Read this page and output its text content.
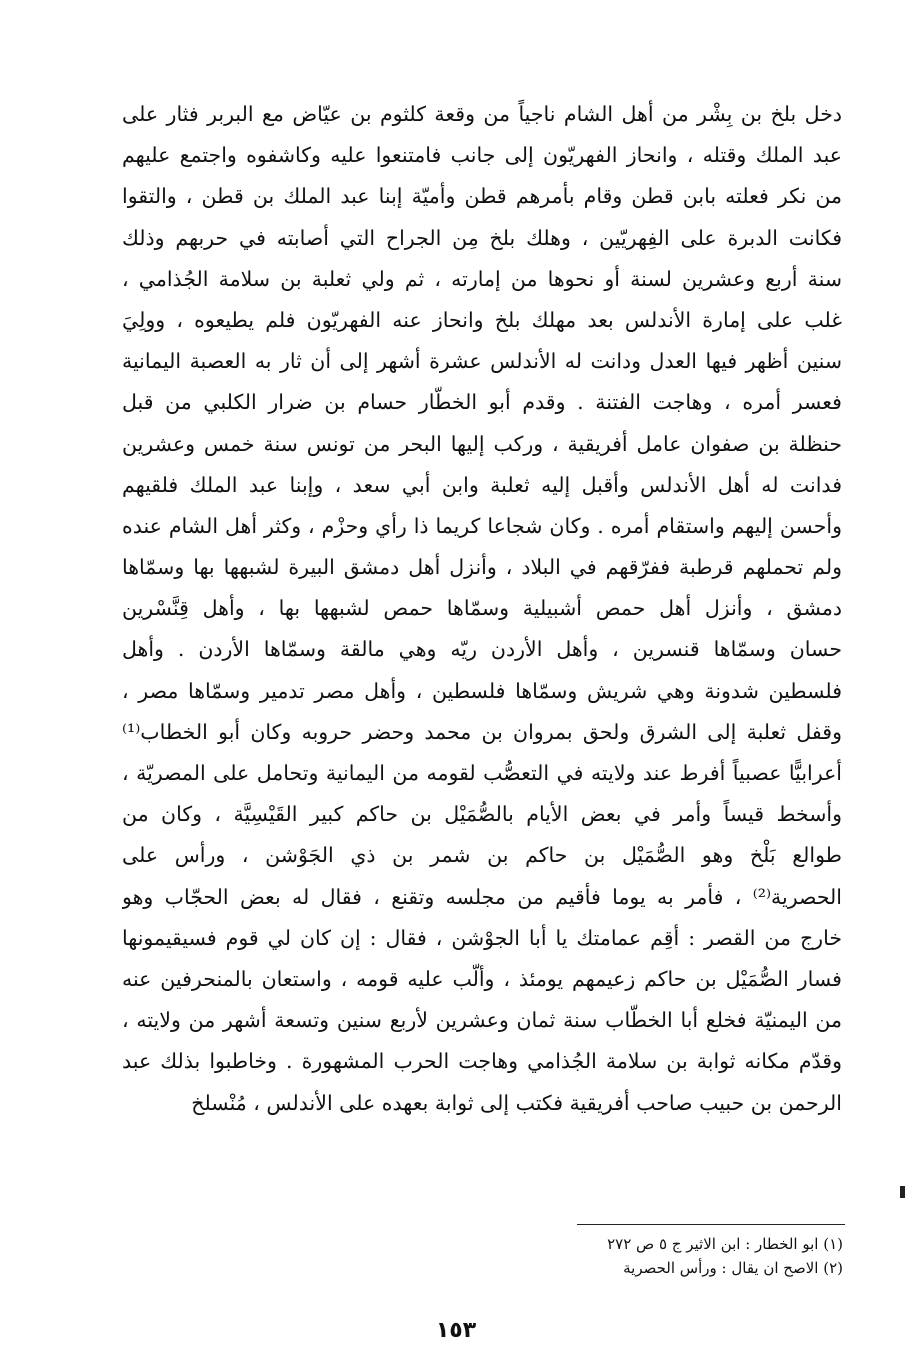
دخل بلخ بن بِشْر من أهل الشام ناجياً من وقعة كلثوم بن عيّاض مع البربر فثار على
عبد الملك وقتله ، وانحاز الفهريّون إلى جانب فامتنعوا عليه وكاشفوه واجتمع عليهم
من نكر فعلته بابن قطن وقام بأمرهم قطن وأميّة إبنا عبد الملك بن قطن ، والتقوا
فكانت الدبرة على الفِهريّين ، وهلك بلخ مِن الجراح التي أصابته في حربهم وذلك
سنة أربع وعشرين لسنة أو نحوها من إمارته ، ثم ولي ثعلبة بن سلامة الجُذامي ،
غلب على إمارة الأندلس بعد مهلك بلخ وانحاز عنه الفهريّون فلم يطيعوه ، وولِيَ
سنين أظهر فيها العدل ودانت له الأندلس عشرة أشهر إلى أن ثار به العصبة اليمانية
فعسر أمره ، وهاجت الفتنة . وقدم أبو الخطّار حسام بن ضرار الكلبي من قبل
حنظلة بن صفوان عامل أفريقية ، وركب إليها البحر من تونس سنة خمس وعشرين
فدانت له أهل الأندلس وأقبل إليه ثعلبة وابن أبي سعد ، وإبنا عبد الملك فلقيهم
وأحسن إليهم واستقام أمره . وكان شجاعا كريما ذا رأي وحزْم ، وكثر أهل الشام عنده
ولم تحملهم قرطبة ففرّقهم في البلاد ، وأنزل أهل دمشق البيرة لشبهها بها وسمّاها
دمشق ، وأنزل أهل حمص أشبيلية وسمّاها حمص لشبهها بها ، وأهل قِنَّسْرين
حسان وسمّاها قنسرين ، وأهل الأردن ريّه وهي مالقة وسمّاها الأردن . وأهل
فلسطين شدونة وهي شريش وسمّاها فلسطين ، وأهل مصر تدمير وسمّاها مصر ،
وقفل ثعلبة إلى الشرق ولحق بمروان بن محمد وحضر حروبه وكان أبو الخطاب⁽¹⁾
أعرابيًّا عصبياً أفرط عند ولايته في التعصُّب لقومه من اليمانية وتحامل على المصريّة ،
وأسخط قيساً وأمر في بعض الأيام بالصُّمَيْل بن حاكم كبير القَيْسِيَّة ، وكان من
طوالع بَلْخ وهو الصُّمَيْل بن حاكم بن شمر بن ذي الجَوْشن ، ورأس على
الحصرية⁽²⁾ ، فأمر به يوما فأقيم من مجلسه وتقنع ، فقال له بعض الحجّاب وهو
خارج من القصر : أقِم عمامتك يا أبا الجوْشن ، فقال : إن كان لي قوم فسيقيمونها
فسار الصُّمَيْل بن حاكم زعيمهم يومئذ ، وألّب عليه قومه ، واستعان بالمنحرفين عنه
من اليمنيّة فخلع أبا الخطّاب سنة ثمان وعشرين لأربع سنين وتسعة أشهر من ولايته ،
وقدّم مكانه ثوابة بن سلامة الجُذامي وهاجت الحرب المشهورة . وخاطبوا بذلك عبد
الرحمن بن حبيب صاحب أفريقية فكتب إلى ثوابة بعهده على الأندلس ، مُنْسلخ
(١) ابو الخطار : ابن الاثير ج ٥ ص ٢٧٢
(٢) الاصح ان يقال : ورأس الحصرية
١٥٣
